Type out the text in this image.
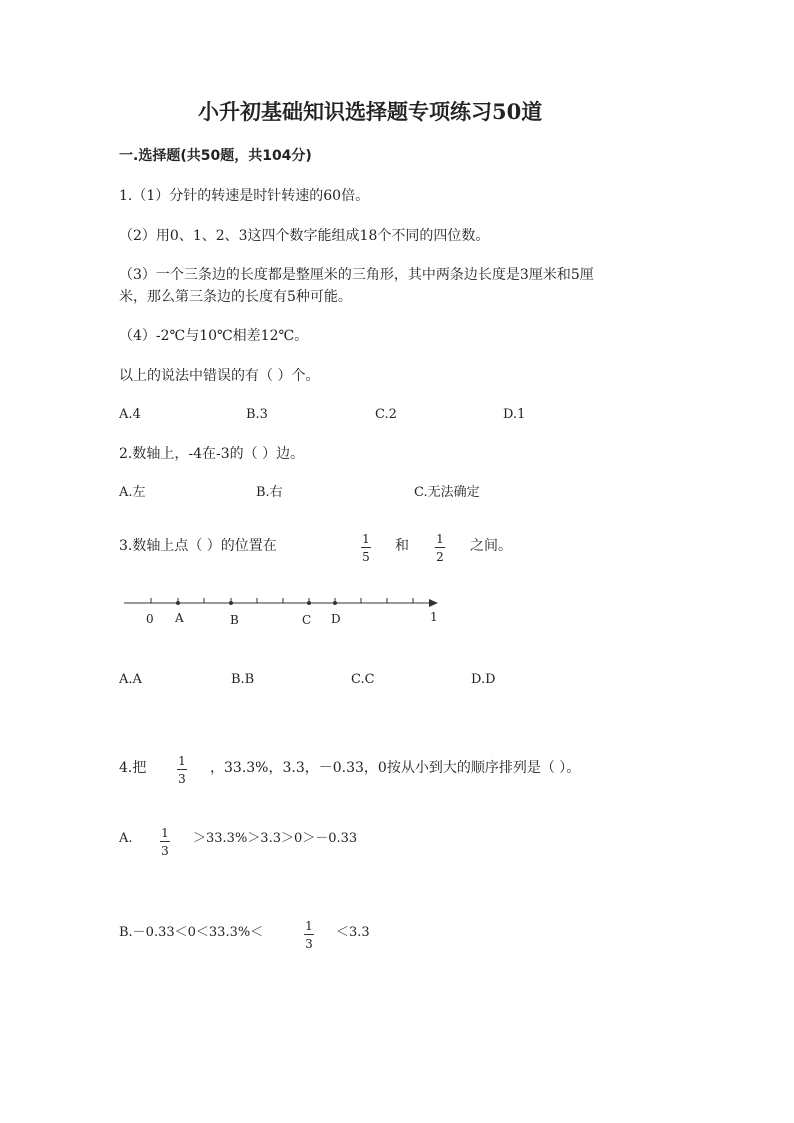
小升初基础知识选择题专项练习50道
一.选择题(共50题，共104分)
1.（1）分针的转速是时针转速的60倍。
（2）用0、1、2、3这四个数字能组成18个不同的四位数。
（3）一个三条边的长度都是整厘米的三角形，其中两条边长度是3厘米和5厘
米，那么第三条边的长度有5种可能。
（4）-2℃与10℃相差12℃。
以上的说法中错误的有（ ）个。
A.4	B.3	C.2	D.1
2.数轴上，-4在-3的（ ）边。
A.左	B.右	C.无法确定
3.数轴上点（ ）的位置在	1
5
和 1
2
之间。
0 A	B	C D	1
A.A	B.B	C.C	D.D
4.把	1
3
，33.3%，3.3，－0.33，0按从小到大的顺序排列是（ ）。
A. 1
3
＞33.3%＞3.3＞0＞－0.33
B.－0.33＜0＜33.3%＜	1
3
＜3.3
